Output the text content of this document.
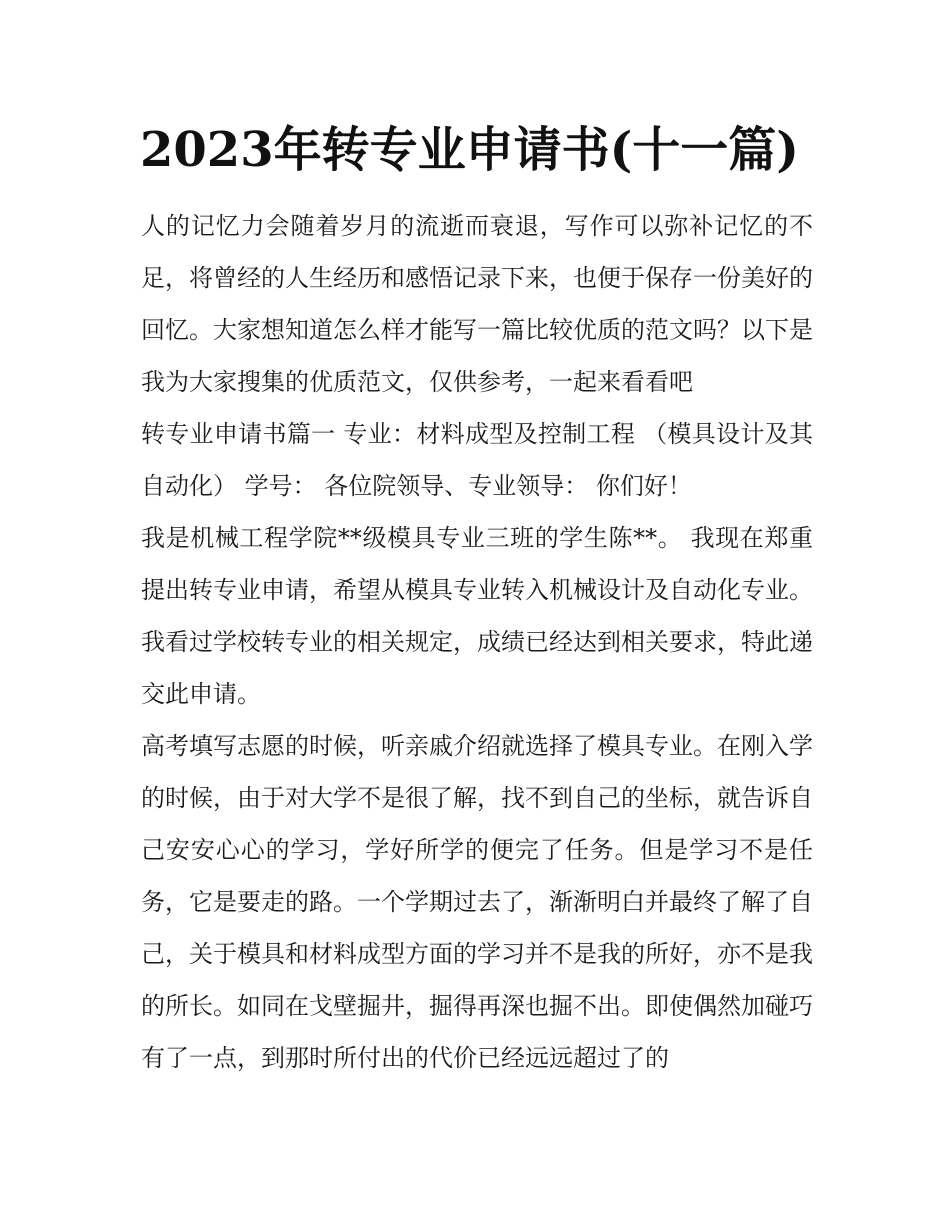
2023年转专业申请书(十一篇)

人的记忆力会随着岁月的流逝而衰退，写作可以弥补记忆的不足，将曾经的人生经历和感悟记录下来，也便于保存一份美好的回忆。大家想知道怎么样才能写一篇比较优质的范文吗？以下是我为大家搜集的优质范文，仅供参考，一起来看看吧

转专业申请书篇一 专业：材料成型及控制工程 （模具设计及其自动化） 学号： 各位院领导、专业领导： 你们好！

我是机械工程学院**级模具专业三班的学生陈**。 我现在郑重提出转专业申请，希望从模具专业转入机械设计及自动化专业。

我看过学校转专业的相关规定，成绩已经达到相关要求，特此递交此申请。

高考填写志愿的时候，听亲戚介绍就选择了模具专业。在刚入学的时候，由于对大学不是很了解，找不到自己的坐标，就告诉自己安安心心的学习，学好所学的便完了任务。但是学习不是任务，它是要走的路。一个学期过去了，渐渐明白并最终了解了自己，关于模具和材料成型方面的学习并不是我的所好，亦不是我的所长。如同在戈壁掘井，掘得再深也掘不出。即使偶然加碰巧有了一点，到那时所付出的代价已经远远超过了的
